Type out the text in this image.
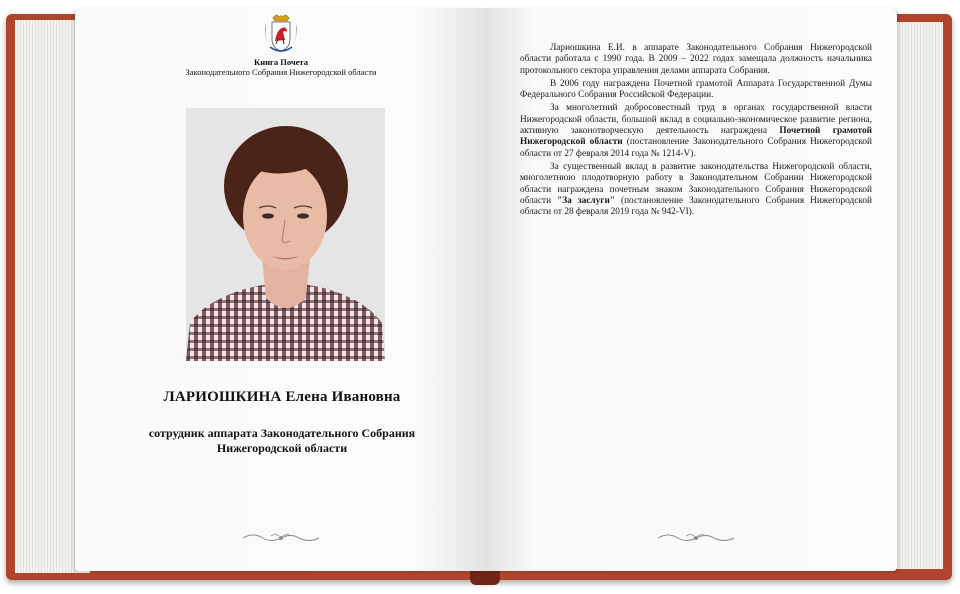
Книга Почета
Законодательного Собрания Нижегородской области
ЛАРИОШКИНА Елена Ивановна
сотрудник аппарата Законодательного Собрания
Нижегородской области

Лариошкина Е.И. в аппарате Законодательного Собрания Нижегородской области работала с 1990 года. В 2009 – 2022 годах замещала должность начальника протокольного сектора управления делами аппарата Собрания.

В 2006 году награждена Почетной грамотой Аппарата Государственной Думы Федерального Собрания Российской Федерации.

За многолетний добросовестный труд в органах государственной власти Нижегородской области, большой вклад в социально-экономическое развитие региона, активную законотворческую деятельность награждена Почетной грамотой Нижегородской области (постановление Законодательного Собрания Нижегородской области от 27 февраля 2014 года № 1214-V).

За существенный вклад в развитие законодательства Нижегородской области, многолетнюю плодотворную работу в Законодательном Собрании Нижегородской области награждена почетным знаком Законодательного Собрания Нижегородской области "За заслуги" (постановление Законодательного Собрания Нижегородской области от 28 февраля 2019 года № 942-VI).
